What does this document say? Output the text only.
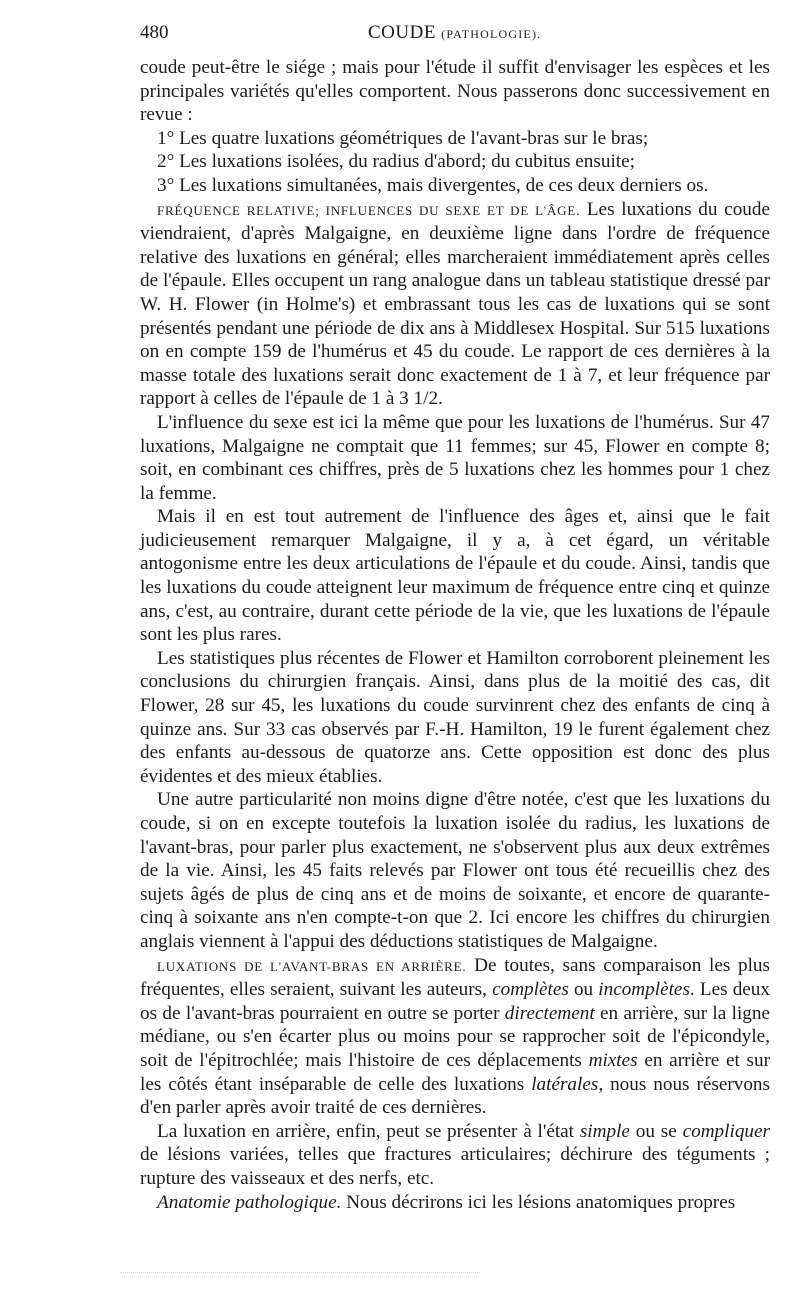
480	COUDE (PATHOLOGIE).

coude peut-être le siége ; mais pour l'étude il suffit d'envisager les espèces et les principales variétés qu'elles comportent. Nous passerons donc successivement en revue :

1° Les quatre luxations géométriques de l'avant-bras sur le bras;
2° Les luxations isolées, du radius d'abord; du cubitus ensuite;
3° Les luxations simultanées, mais divergentes, de ces deux derniers os.

FRÉQUENCE RELATIVE; INFLUENCES DU SEXE ET DE L'ÂGE. Les luxations du coude viendraient, d'après Malgaigne, en deuxième ligne dans l'ordre de fréquence relative des luxations en général; elles marcheraient immédiatement après celles de l'épaule. Elles occupent un rang analogue dans un tableau statistique dressé par W. H. Flower (in Holme's) et embrassant tous les cas de luxations qui se sont présentés pendant une période de dix ans à Middlesex Hospital. Sur 515 luxations on en compte 159 de l'humérus et 45 du coude. Le rapport de ces dernières à la masse totale des luxations serait donc exactement de 1 à 7, et leur fréquence par rapport à celles de l'épaule de 1 à 3 1/2.

L'influence du sexe est ici la même que pour les luxations de l'humérus. Sur 47 luxations, Malgaigne ne comptait que 11 femmes; sur 45, Flower en compte 8; soit, en combinant ces chiffres, près de 5 luxations chez les hommes pour 1 chez la femme.

Mais il en est tout autrement de l'influence des âges et, ainsi que le fait judicieusement remarquer Malgaigne, il y a, à cet égard, un véritable antogonisme entre les deux articulations de l'épaule et du coude. Ainsi, tandis que les luxations du coude atteignent leur maximum de fréquence entre cinq et quinze ans, c'est, au contraire, durant cette période de la vie, que les luxations de l'épaule sont les plus rares.

Les statistiques plus récentes de Flower et Hamilton corroborent pleinement les conclusions du chirurgien français. Ainsi, dans plus de la moitié des cas, dit Flower, 28 sur 45, les luxations du coude survinrent chez des enfants de cinq à quinze ans. Sur 33 cas observés par F.-H. Hamilton, 19 le furent également chez des enfants au-dessous de quatorze ans. Cette opposition est donc des plus évidentes et des mieux établies.

Une autre particularité non moins digne d'être notée, c'est que les luxations du coude, si on en excepte toutefois la luxation isolée du radius, les luxations de l'avant-bras, pour parler plus exactement, ne s'observent plus aux deux extrêmes de la vie. Ainsi, les 45 faits relevés par Flower ont tous été recueillis chez des sujets âgés de plus de cinq ans et de moins de soixante, et encore de quarante-cinq à soixante ans n'en compte-t-on que 2. Ici encore les chiffres du chirurgien anglais viennent à l'appui des déductions statistiques de Malgaigne.

LUXATIONS DE L'AVANT-BRAS EN ARRIÈRE. De toutes, sans comparaison les plus fréquentes, elles seraient, suivant les auteurs, complètes ou incomplètes. Les deux os de l'avant-bras pourraient en outre se porter directement en arrière, sur la ligne médiane, ou s'en écarter plus ou moins pour se rapprocher soit de l'épicondyle, soit de l'épitrochlée; mais l'histoire de ces déplacements mixtes en arrière et sur les côtés étant inséparable de celle des luxations latérales, nous nous réservons d'en parler après avoir traité de ces dernières.

La luxation en arrière, enfin, peut se présenter à l'état simple ou se compliquer de lésions variées, telles que fractures articulaires; déchirure des téguments ; rupture des vaisseaux et des nerfs, etc.

Anatomie pathologique. Nous décrirons ici les lésions anatomiques propres
